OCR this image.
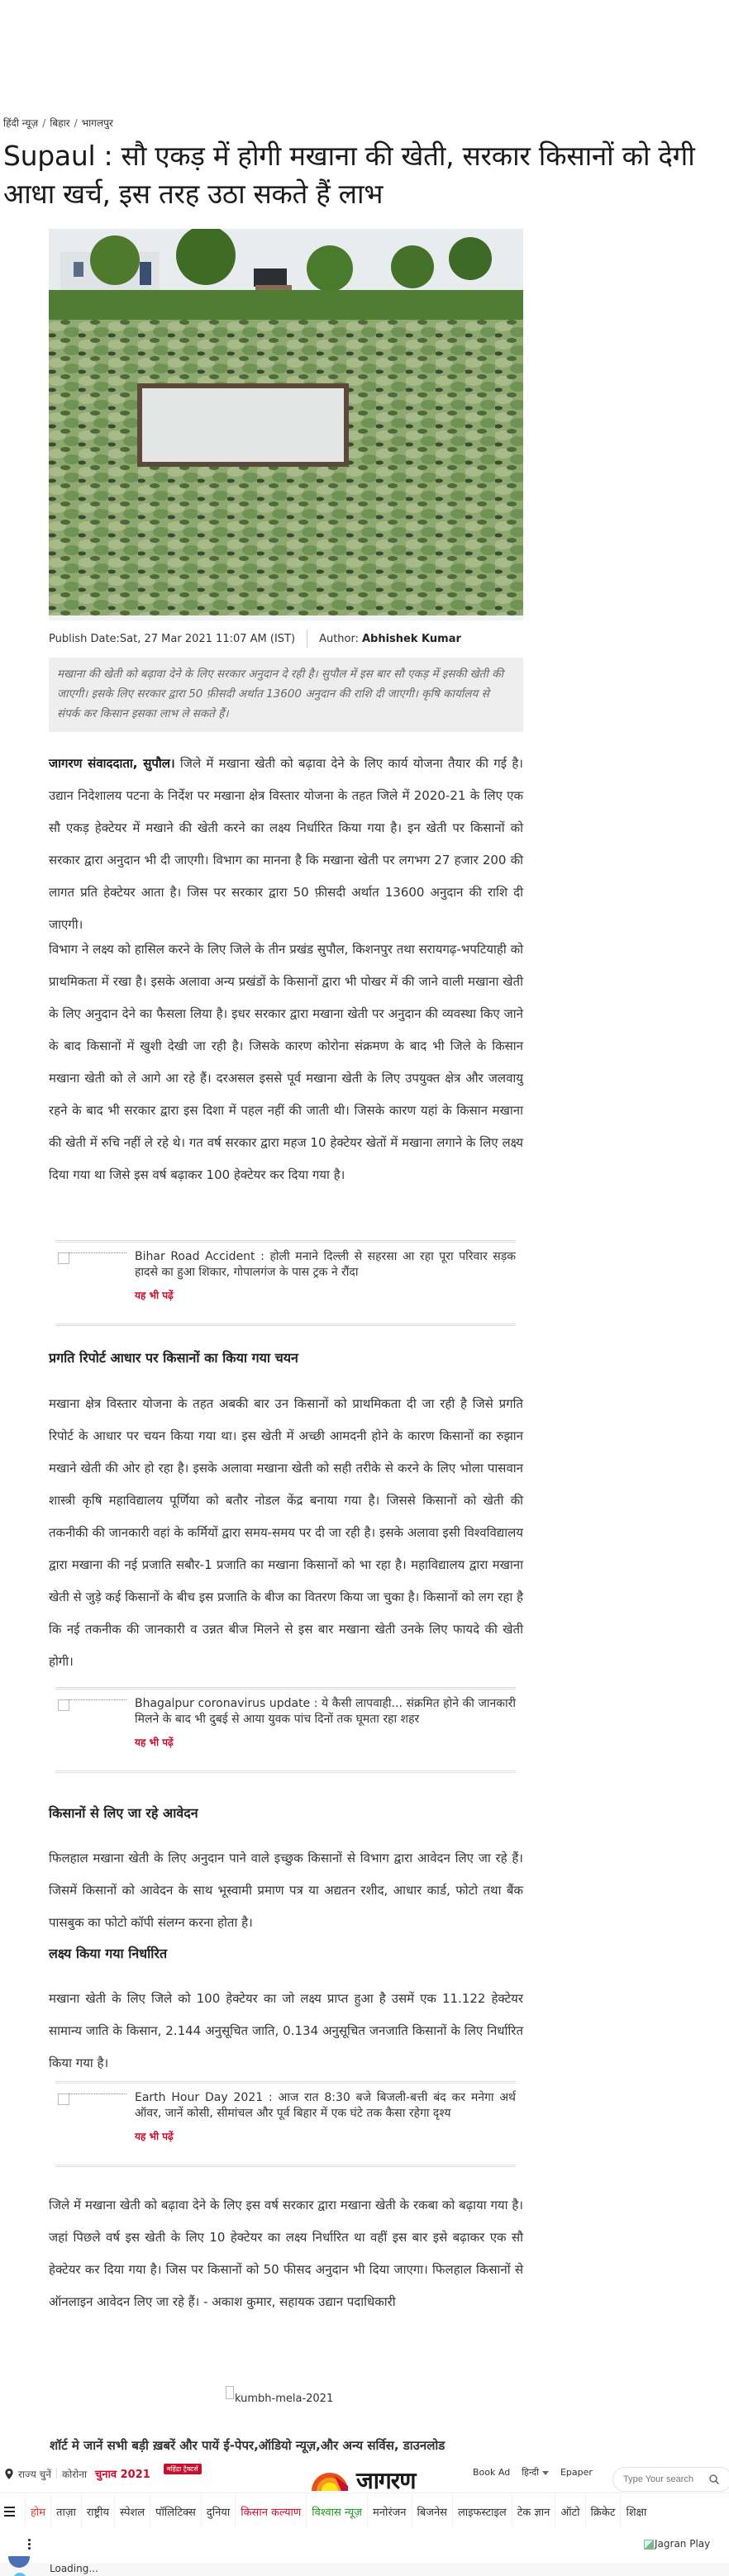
हिंदी न्यूज़ / बिहार / भागलपुर
Supaul : सौ एकड़ में होगी मखाना की खेती, सरकार किसानों को देगी आधा खर्च, इस तरह उठा सकते हैं लाभ
Publish Date: Sat, 27 Mar 2021 11:07 AM (IST) Author: Abhishek Kumar
मखाना की खेती को बढ़ावा देने के लिए सरकार अनुदान दे रही है। सुपौल में इस बार सौ एकड़ में इसकी खेती की जाएगी। इसके लिए सरकार द्वारा 50 फ़ीसदी अर्थात 13600 अनुदान की राशि दी जाएगी। कृषि कार्यालय से संपर्क कर किसान इसका लाभ ले सकते हैं।

जागरण संवाददाता, सुपौल। जिले में मखाना खेती को बढ़ावा देने के लिए कार्य योजना तैयार की गई है। उद्यान निदेशालय पटना के निर्देश पर मखाना क्षेत्र विस्तार योजना के तहत जिले में 2020-21 के लिए एक सौ एकड़ हेक्टेयर में मखाने की खेती करने का लक्ष्य निर्धारित किया गया है। इन खेती पर किसानों को सरकार द्वारा अनुदान भी दी जाएगी। विभाग का मानना है कि मखाना खेती पर लगभग 27 हजार 200 की लागत प्रति हेक्टेयर आता है। जिस पर सरकार द्वारा 50 फ़ीसदी अर्थात 13600 अनुदान की राशि दी जाएगी।

विभाग ने लक्ष्य को हासिल करने के लिए जिले के तीन प्रखंड सुपौल, किशनपुर तथा सरायगढ़-भपटियाही को प्राथमिकता में रखा है। इसके अलावा अन्य प्रखंडों के किसानों द्वारा भी पोखर में की जाने वाली मखाना खेती के लिए अनुदान देने का फैसला लिया है। इधर सरकार द्वारा मखाना खेती पर अनुदान की व्यवस्था किए जाने के बाद किसानों में खुशी देखी जा रही है। जिसके कारण कोरोना संक्रमण के बाद भी जिले के किसान मखाना खेती को ले आगे आ रहे हैं। दरअसल इससे पूर्व मखाना खेती के लिए उपयुक्त क्षेत्र और जलवायु रहने के बाद भी सरकार द्वारा इस दिशा में पहल नहीं की जाती थी। जिसके कारण यहां के किसान मखाना की खेती में रुचि नहीं ले रहे थे। गत वर्ष सरकार द्वारा महज 10 हेक्टेयर खेतों में मखाना लगाने के लिए लक्ष्य दिया गया था जिसे इस वर्ष बढ़ाकर 100 हेक्टेयर कर दिया गया है।

Bihar Road Accident : होली मनाने दिल्ली से सहरसा आ रहा पूरा परिवार सड़क हादसे का हुआ शिकार, गोपालगंज के पास ट्रक ने रौंदा
यह भी पढ़ें
प्रगति रिपोर्ट आधार पर किसानों का किया गया चयन

मखाना क्षेत्र विस्तार योजना के तहत अबकी बार उन किसानों को प्राथमिकता दी जा रही है जिसे प्रगति रिपोर्ट के आधार पर चयन किया गया था। इस खेती में अच्छी आमदनी होने के कारण किसानों का रुझान मखाने खेती की ओर हो रहा है। इसके अलावा मखाना खेती को सही तरीके से करने के लिए भोला पासवान शास्त्री कृषि महाविद्यालय पूर्णिया को बतौर नोडल केंद्र बनाया गया है। जिससे किसानों को खेती की तकनीकी की जानकारी वहां के कर्मियों द्वारा समय-समय पर दी जा रही है। इसके अलावा इसी विश्वविद्यालय द्वारा मखाना की नई प्रजाति सबौर-1 प्रजाति का मखाना किसानों को भा रहा है। महाविद्यालय द्वारा मखाना खेती से जुड़े कई किसानों के बीच इस प्रजाति के बीज का वितरण किया जा चुका है। किसानों को लग रहा है कि नई तकनीक की जानकारी व उन्नत बीज मिलने से इस बार मखाना खेती उनके लिए फायदे की खेती होगी।

Bhagalpur coronavirus update : ये कैसी लापवाही... संक्रमित होने की जानकारी मिलने के बाद भी दुबई से आया युवक पांच दिनों तक घूमता रहा शहर
यह भी पढ़ें
किसानों से लिए जा रहे आवेदन

फिलहाल मखाना खेती के लिए अनुदान पाने वाले इच्छुक किसानों से विभाग द्वारा आवेदन लिए जा रहे हैं। जिसमें किसानों को आवेदन के साथ भूस्वामी प्रमाण पत्र या अद्यतन रशीद, आधार कार्ड, फोटो तथा बैंक पासबुक का फोटो कॉपी संलग्न करना होता है।

लक्ष्य किया गया निर्धारित

मखाना खेती के लिए जिले को 100 हेक्टेयर का जो लक्ष्य प्राप्त हुआ है उसमें एक 11.122 हेक्टेयर सामान्य जाति के किसान, 2.144 अनुसूचित जाति, 0.134 अनुसूचित जनजाति किसानों के लिए निर्धारित किया गया है।

Earth Hour Day 2021 : आज रात 8:30 बजे बिजली-बत्ती बंद कर मनेगा अर्थ ऑवर, जानें कोसी, सीमांचल और पूर्व बिहार में एक घंटे तक कैसा रहेगा दृश्य
यह भी पढ़ें

जिले में मखाना खेती को बढ़ावा देने के लिए इस वर्ष सरकार द्वारा मखाना खेती के रकबा को बढ़ाया गया है। जहां पिछले वर्ष इस खेती के लिए 10 हेक्टेयर का लक्ष्य निर्धारित था वहीं इस बार इसे बढ़ाकर एक सौ हेक्टेयर कर दिया गया है। जिस पर किसानों को 50 फीसद अनुदान भी दिया जाएगा। फिलहाल किसानों से ऑनलाइन आवेदन लिए जा रहे हैं। - अकाश कुमार, सहायक उद्यान पदाधिकारी

kumbh-mela-2021
शॉर्ट मे जानें सभी बड़ी ख़बरें और पायें ई-पेपर,ऑडियो न्यूज़,और अन्य सर्विस, डाउनलोड
राज्य चुनें कोरोना चुनाव 2021	महिंद्रा ट्रैक्टर्स	Book Ad हिन्दी	Epaper
जागरण
Type Your search
होम	ताज़ा	राष्ट्रीय	स्पेशल	पॉलिटिक्स	दुनिया	किसान कल्याण	विश्वास न्यूज़	मनोरंजन	बिजनेस	लाइफस्टाइल	टेक ज्ञान	ऑटो	क्रिकेट	शिक्षा
Jagran Play
Loading...
